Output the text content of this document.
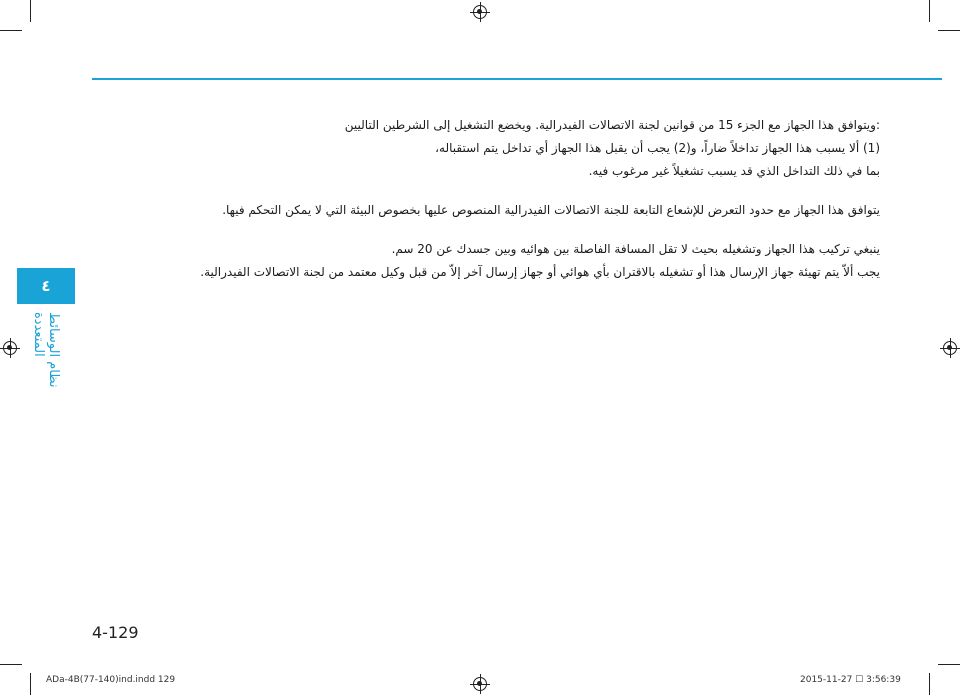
٤
نظام الوسائط المتعددة

:ويتوافق هذا الجهاز مع الجزء 15 من قوانين لجنة الاتصالات الفيدرالية. ويخضع التشغيل إلى الشرطين التاليين

(1) ألا يسبب هذا الجهاز تداخلاً ضاراً، و(2) يجب أن يقبل هذا الجهاز أي تداخل يتم استقباله،

بما في ذلك التداخل الذي قد يسبب تشغيلاً غير مرغوب فيه.

يتوافق هذا الجهاز مع حدود التعرض للإشعاع التابعة للجنة الاتصالات الفيدرالية المنصوص عليها بخصوص البيئة التي لا يمكن التحكم فيها.

ينبغي تركيب هذا الجهاز وتشغيله بحيث لا تقل المسافة الفاصلة بين هوائيه وبين جسدك عن 20 سم.

يجب ألاّ يتم تهيئة جهاز الإرسال هذا أو تشغيله بالاقتران بأي هوائي أو جهاز إرسال آخر إلاّ من قبل وكيل معتمد من لجنة الاتصالات الفيدرالية.

4-129
ADa-4B(77-140)ind.indd 129	2015-11-27 ☐ 3:56:39
